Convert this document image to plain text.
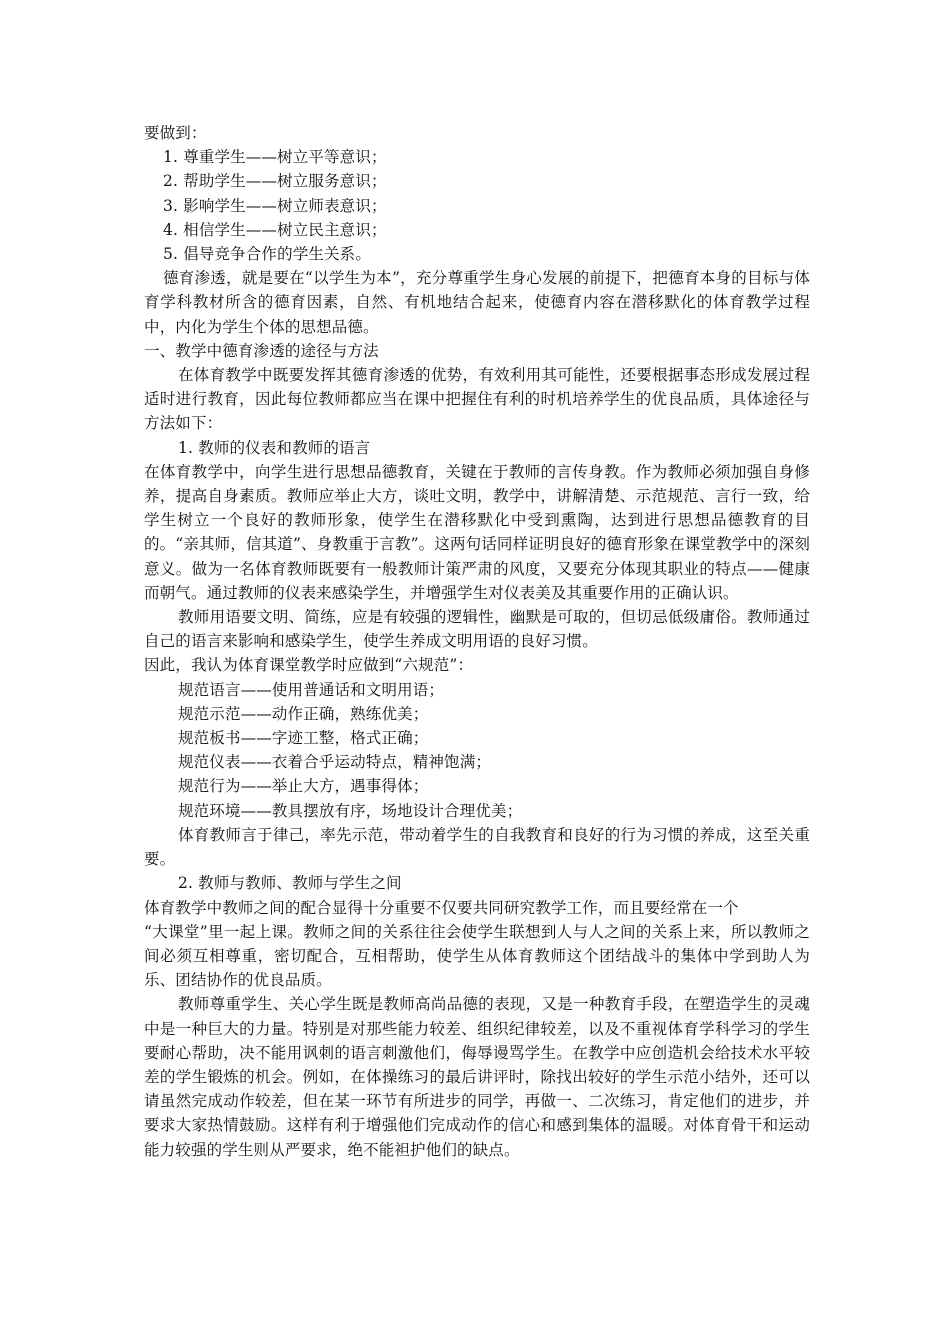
要做到：

1. 尊重学生——树立平等意识；

2. 帮助学生——树立服务意识；

3. 影响学生——树立师表意识；

4. 相信学生——树立民主意识；

5. 倡导竞争合作的学生关系。

德育渗透，就是要在“以学生为本”，充分尊重学生身心发展的前提下，把德育本身的目标与体育学科教材所含的德育因素，自然、有机地结合起来，使德育内容在潜移默化的体育教学过程中，内化为学生个体的思想品德。

一、教学中德育渗透的途径与方法

在体育教学中既要发挥其德育渗透的优势，有效利用其可能性，还要根据事态形成发展过程适时进行教育，因此每位教师都应当在课中把握住有利的时机培养学生的优良品质，具体途径与方法如下：

1. 教师的仪表和教师的语言

在体育教学中，向学生进行思想品德教育，关键在于教师的言传身教。作为教师必须加强自身修养，提高自身素质。教师应举止大方，谈吐文明，教学中，讲解清楚、示范规范、言行一致，给学生树立一个良好的教师形象，使学生在潜移默化中受到熏陶，达到进行思想品德教育的目的。“亲其师，信其道”、身教重于言教”。这两句话同样证明良好的德育形象在课堂教学中的深刻意义。做为一名体育教师既要有一般教师计策严肃的风度，又要充分体现其职业的特点——健康而朝气。通过教师的仪表来感染学生，并增强学生对仪表美及其重要作用的正确认识。

教师用语要文明、简练，应是有较强的逻辑性，幽默是可取的，但切忌低级庸俗。教师通过自己的语言来影响和感染学生，使学生养成文明用语的良好习惯。

因此，我认为体育课堂教学时应做到“六规范”：

规范语言——使用普通话和文明用语；

规范示范——动作正确，熟练优美；

规范板书——字迹工整，格式正确；

规范仪表——衣着合乎运动特点，精神饱满；

规范行为——举止大方，遇事得体；

规范环境——教具摆放有序，场地设计合理优美；

体育教师言于律己，率先示范，带动着学生的自我教育和良好的行为习惯的养成，这至关重要。

2. 教师与教师、教师与学生之间

体育教学中教师之间的配合显得十分重要不仅要共同研究教学工作，而且要经常在一个

“大课堂”里一起上课。教师之间的关系往往会使学生联想到人与人之间的关系上来，所以教师之间必须互相尊重，密切配合，互相帮助，使学生从体育教师这个团结战斗的集体中学到助人为乐、团结协作的优良品质。

教师尊重学生、关心学生既是教师高尚品德的表现，又是一种教育手段，在塑造学生的灵魂中是一种巨大的力量。特别是对那些能力较差、组织纪律较差，以及不重视体育学科学习的学生要耐心帮助，决不能用讽刺的语言刺激他们，侮辱谩骂学生。在教学中应创造机会给技术水平较差的学生锻炼的机会。例如，在体操练习的最后讲评时，除找出较好的学生示范小结外，还可以请虽然完成动作较差，但在某一环节有所进步的同学，再做一、二次练习，肯定他们的进步，并要求大家热情鼓励。这样有利于增强他们完成动作的信心和感到集体的温暖。对体育骨干和运动能力较强的学生则从严要求，绝不能袒护他们的缺点。
